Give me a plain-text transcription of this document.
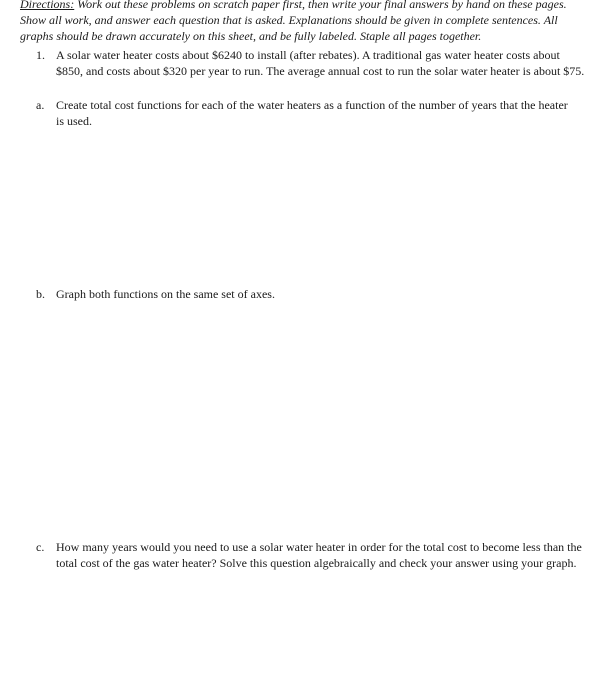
Directions: Work out these problems on scratch paper first, then write your final answers by hand on these pages. Show all work, and answer each question that is asked. Explanations should be given in complete sentences. All graphs should be drawn accurately on this sheet, and be fully labeled. Staple all pages together.

1. A solar water heater costs about $6240 to install (after rebates). A traditional gas water heater costs about $850, and costs about $320 per year to run. The average annual cost to run the solar water heater is about $75.

a. Create total cost functions for each of the water heaters as a function of the number of years that the heater is used.

b. Graph both functions on the same set of axes.

c. How many years would you need to use a solar water heater in order for the total cost to become less than the total cost of the gas water heater? Solve this question algebraically and check your answer using your graph.
